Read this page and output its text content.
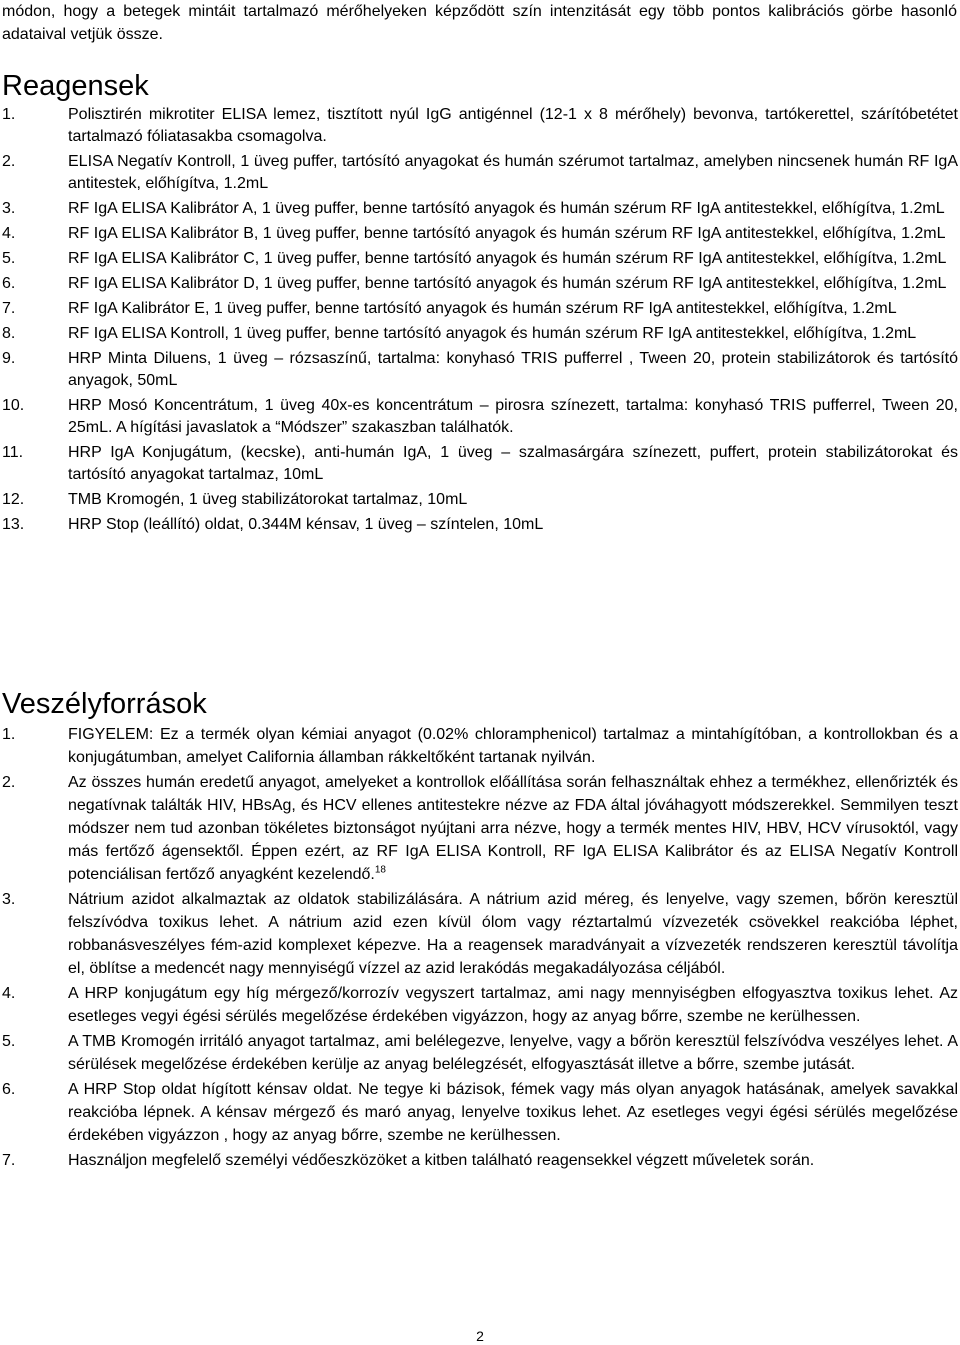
módon, hogy a betegek mintáit tartalmazó mérőhelyeken képződött szín intenzitását egy több pontos kalibrációs görbe hasonló adataival vetjük össze.

Reagensek
1.	Polisztirén mikrotiter ELISA lemez, tisztított nyúl IgG antigénnel (12-1 x 8 mérőhely) bevonva, tartókerettel, szárítóbetétet tartalmazó fóliatasakba csomagolva.
2.	ELISA Negatív Kontroll, 1 üveg puffer, tartósító anyagokat és humán szérumot tartalmaz, amelyben nincsenek humán RF IgA antitestek, előhígítva, 1.2mL
3.	RF IgA ELISA Kalibrátor A, 1 üveg puffer, benne tartósító anyagok és humán szérum RF IgA antitestekkel, előhígítva, 1.2mL
4.	RF IgA ELISA Kalibrátor B, 1 üveg puffer, benne tartósító anyagok és humán szérum RF IgA antitestekkel, előhígítva, 1.2mL
5.	RF IgA ELISA Kalibrátor C, 1 üveg puffer, benne tartósító anyagok és humán szérum RF IgA antitestekkel, előhígítva, 1.2mL
6.	RF IgA ELISA Kalibrátor D, 1 üveg puffer, benne tartósító anyagok és humán szérum RF IgA antitestekkel, előhígítva, 1.2mL
7.	RF IgA Kalibrátor E, 1 üveg puffer, benne tartósító anyagok és humán szérum RF IgA antitestekkel, előhígítva, 1.2mL
8.	RF IgA ELISA Kontroll, 1 üveg puffer, benne tartósító anyagok és humán szérum RF IgA antitestekkel, előhígítva, 1.2mL
9.	HRP Minta Diluens, 1 üveg – rózsaszínű, tartalma: konyhasó TRIS pufferrel , Tween 20, protein stabilizátorok és tartósító anyagok, 50mL
10.	HRP Mosó Koncentrátum, 1 üveg 40x-es koncentrátum – pirosra színezett, tartalma: konyhasó TRIS pufferrel, Tween 20, 25mL. A hígítási javaslatok a “Módszer” szakaszban találhatók.
11.	HRP IgA Konjugátum, (kecske), anti-humán IgA, 1 üveg – szalmasárgára színezett, puffert, protein stabilizátorokat és tartósító anyagokat tartalmaz, 10mL
12.	TMB Kromogén, 1 üveg stabilizátorokat tartalmaz, 10mL
13.	HRP Stop (leállító) oldat, 0.344M kénsav, 1 üveg – színtelen, 10mL
Veszélyforrások
1.	FIGYELEM: Ez a termék olyan kémiai anyagot (0.02% chloramphenicol) tartalmaz a mintahígítóban, a kontrollokban és a konjugátumban, amelyet California államban rákkeltőként tartanak nyilván.
2.	Az összes humán eredetű anyagot, amelyeket a kontrollok előállítása során felhasználtak ehhez a termékhez, ellenőrizték és negatívnak találták HIV, HBsAg, és HCV ellenes antitestekre nézve az FDA által jóváhagyott módszerekkel. Semmilyen teszt módszer nem tud azonban tökéletes biztonságot nyújtani arra nézve, hogy a termék mentes HIV, HBV, HCV vírusoktól, vagy más fertőző ágensektől. Éppen ezért, az RF IgA ELISA Kontroll, RF IgA ELISA Kalibrátor és az ELISA Negatív Kontroll potenciálisan fertőző anyagként kezelendő.$^{18}$
3.	Nátrium azidot alkalmaztak az oldatok stabilizálására. A nátrium azid méreg, és lenyelve, vagy szemen, bőrön keresztül felszívódva toxikus lehet. A nátrium azid ezen kívül ólom vagy réztartalmú vízvezeték csövekkel reakcióba léphet, robbanásveszélyes fém-azid komplexet képezve. Ha a reagensek maradványait a vízvezeték rendszeren keresztül távolítja el, öblítse a medencét nagy mennyiségű vízzel az azid lerakódás megakadályozása céljából.
4.	A HRP konjugátum egy híg mérgező/korrozív vegyszert tartalmaz, ami nagy mennyiségben elfogyasztva toxikus lehet. Az esetleges vegyi égési sérülés megelőzése érdekében vigyázzon, hogy az anyag bőrre, szembe ne kerülhessen.
5.	A TMB Kromogén irritáló anyagot tartalmaz, ami belélegezve, lenyelve, vagy a bőrön keresztül felszívódva veszélyes lehet. A sérülések megelőzése érdekében kerülje az anyag belélegzését, elfogyasztását illetve a bőrre, szembe jutását.
6.	A HRP Stop oldat hígított kénsav oldat. Ne tegye ki bázisok, fémek vagy más olyan anyagok hatásának, amelyek savakkal reakcióba lépnek. A kénsav mérgező és maró anyag, lenyelve toxikus lehet. Az esetleges vegyi égési sérülés megelőzése érdekében vigyázzon , hogy az anyag bőrre, szembe ne kerülhessen.
7.	Használjon megfelelő személyi védőeszközöket a kitben található reagensekkel végzett műveletek során.
2
